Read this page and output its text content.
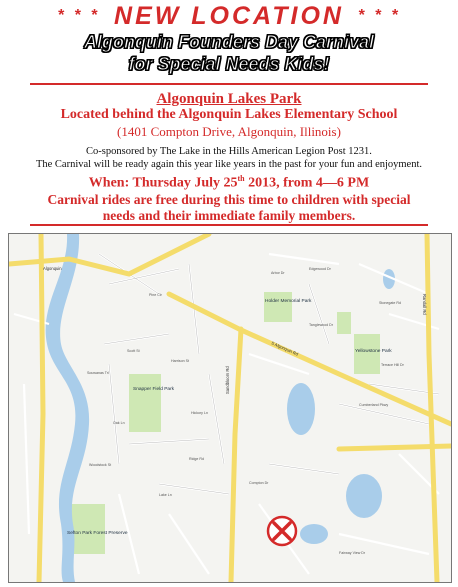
* * * NEW LOCATION * * *
Algonquin Founders Day Carnival
for Special Needs Kids!
Algonquin Lakes Park
Located behind the Algonquin Lakes Elementary School
(1401 Compton Drive, Algonquin, Illinois)
Co-sponsored by The Lake in the Hills American Legion Post 1231.
The Carnival will be ready again this year like years in the past for your fun and enjoyment.
When: Thursday July 25th 2013, from 4—6 PM
Carnival rides are free during this time to children with special
needs and their immediate family members.
Algonquin
Snapper Field Park
Holder Memorial Park
Yellowstone Park
Sefton Park Forest Preserve
S Algonquin Rd
Sandbloom Rd
Randall Rd
Scott St
Harrison St
Souwanas Trl
Compton Dr
Edgewood Dr
Cumberland Pkwy
Woodstock St
Pine Cir
Ridge Rd
Stonegate Rd
Tanglewood Dr
Lake Ln
Terrace Hill Dr
Hickory Ln
Fairway View Dr
Arbor Dr
Oak Ln
